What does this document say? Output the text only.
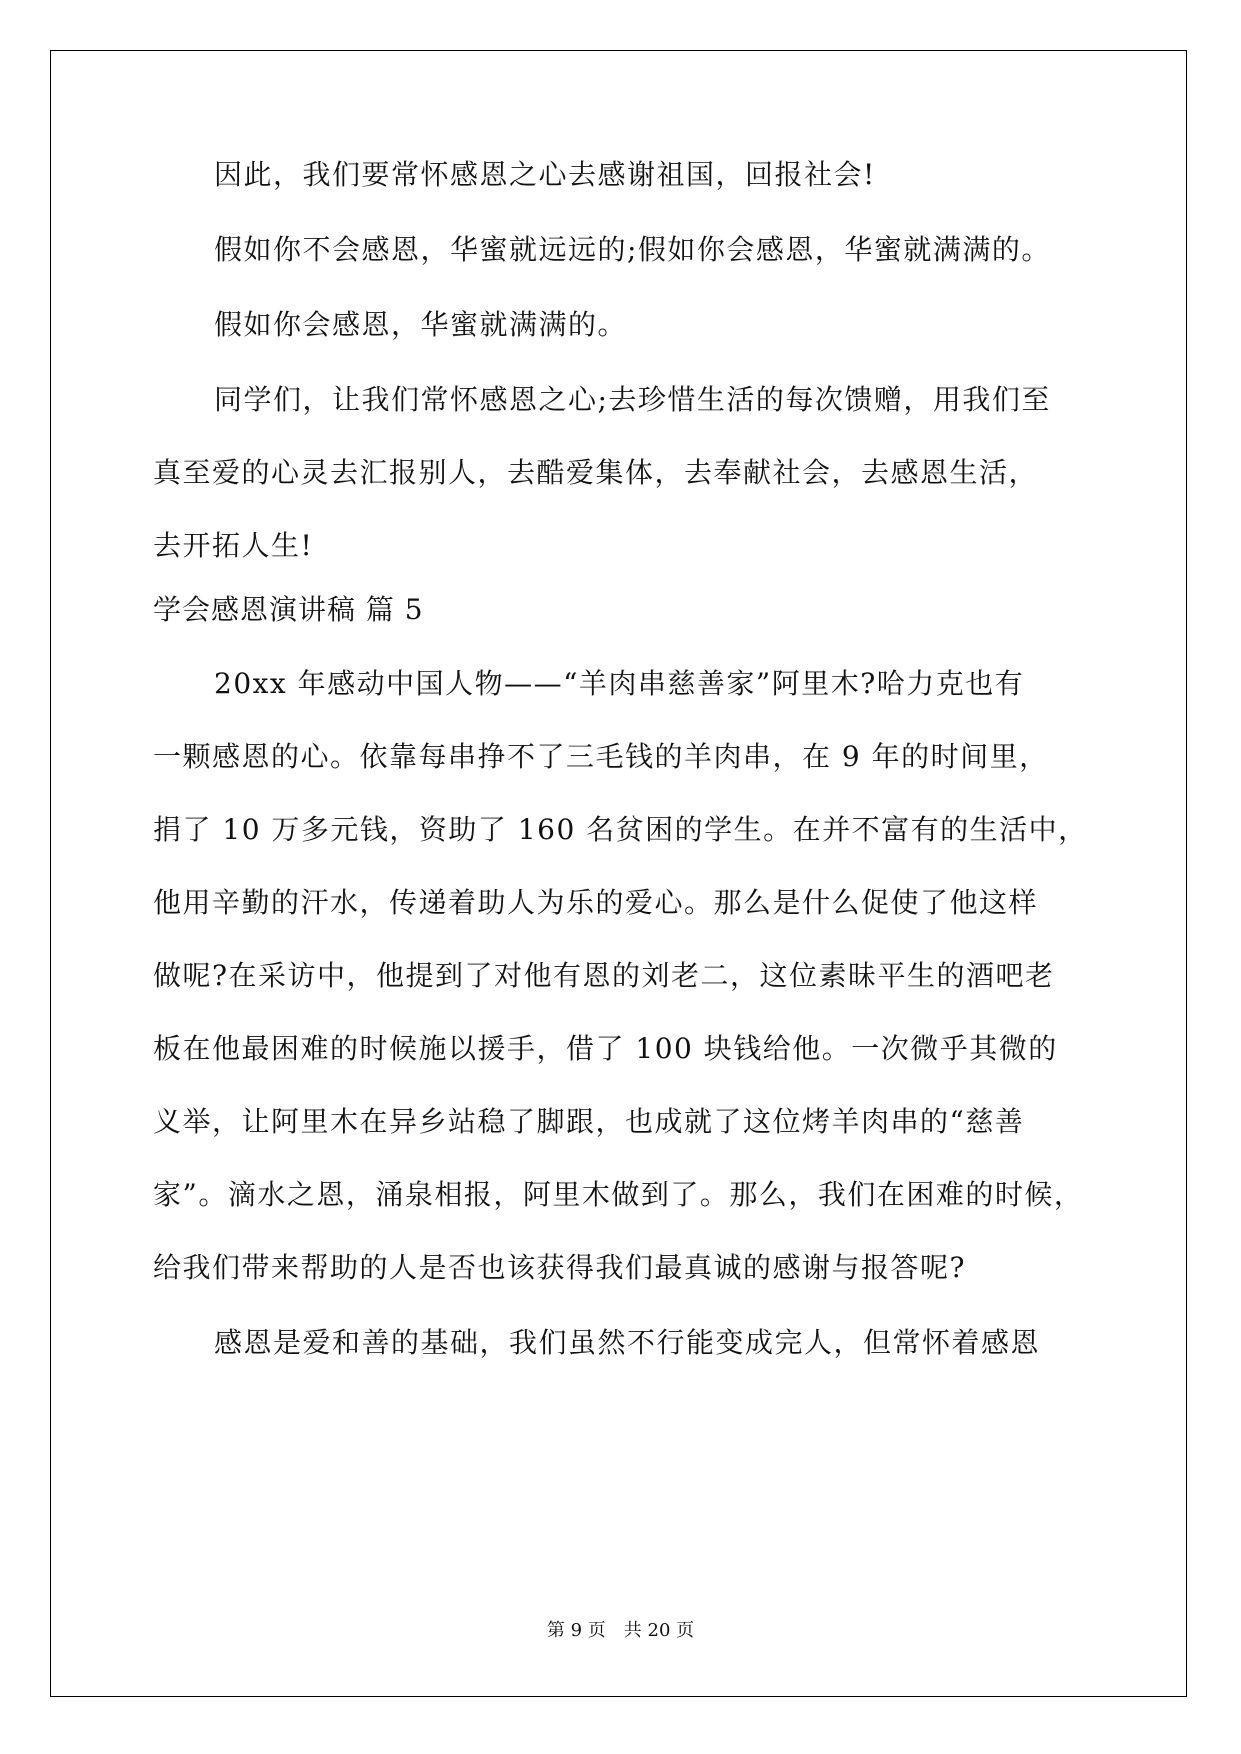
因此，我们要常怀感恩之心去感谢祖国，回报社会!
假如你不会感恩，华蜜就远远的;假如你会感恩，华蜜就满满的。
假如你会感恩，华蜜就满满的。
同学们，让我们常怀感恩之心;去珍惜生活的每次馈赠，用我们至
真至爱的心灵去汇报别人，去酷爱集体，去奉献社会，去感恩生活，
去开拓人生!
学会感恩演讲稿 篇 5
20xx 年感动中国人物——“羊肉串慈善家”阿里木?哈力克也有
一颗感恩的心。依靠每串挣不了三毛钱的羊肉串，在 9 年的时间里，
捐了 10 万多元钱，资助了 160 名贫困的学生。在并不富有的生活中，
他用辛勤的汗水，传递着助人为乐的爱心。那么是什么促使了他这样
做呢?在采访中，他提到了对他有恩的刘老二，这位素昧平生的酒吧老
板在他最困难的时候施以援手，借了 100 块钱给他。一次微乎其微的
义举，让阿里木在异乡站稳了脚跟，也成就了这位烤羊肉串的“慈善
家”。滴水之恩，涌泉相报，阿里木做到了。那么，我们在困难的时候，
给我们带来帮助的人是否也该获得我们最真诚的感谢与报答呢?
感恩是爱和善的基础，我们虽然不行能变成完人，但常怀着感恩
第 9 页　共 20 页
